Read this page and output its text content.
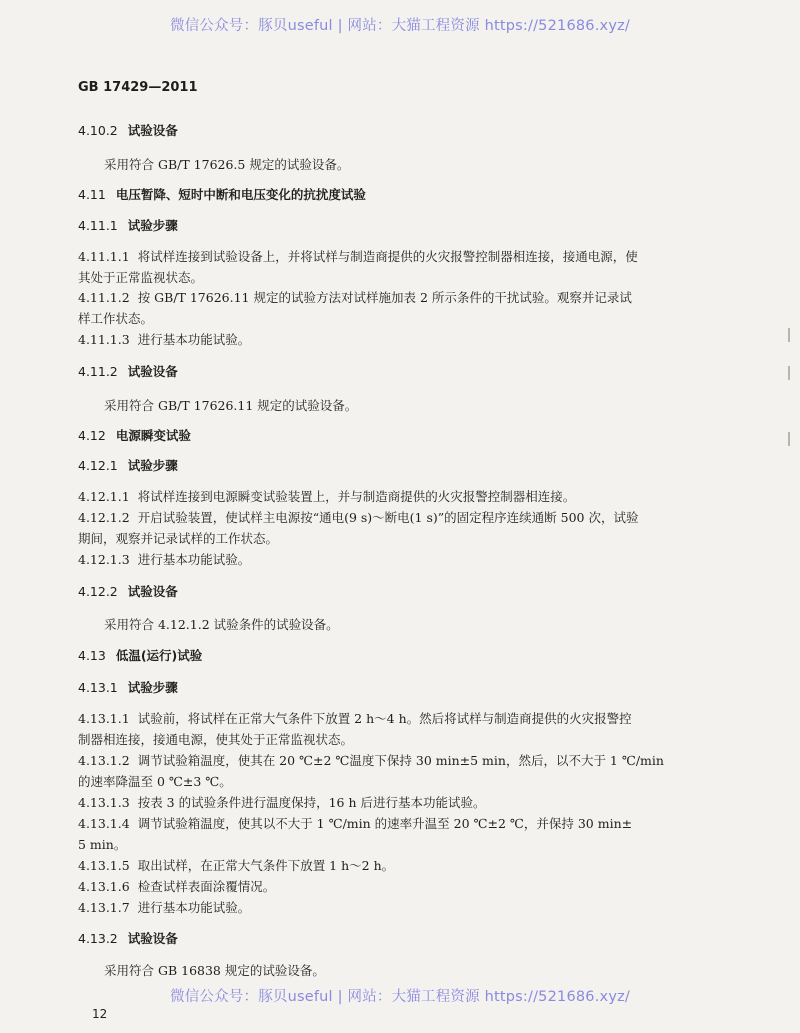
微信公众号：豚贝useful | 网站：大猫工程资源 https://521686.xyz/
GB 17429—2011
4.10.2 试验设备
采用符合 GB/T 17626.5 规定的试验设备。
4.11 电压暂降、短时中断和电压变化的抗扰度试验
4.11.1 试验步骤
4.11.1.1 将试样连接到试验设备上，并将试样与制造商提供的火灾报警控制器相连接，接通电源，使
其处于正常监视状态。
4.11.1.2 按 GB/T 17626.11 规定的试验方法对试样施加表 2 所示条件的干扰试验。观察并记录试
样工作状态。
4.11.1.3 进行基本功能试验。
4.11.2 试验设备
采用符合 GB/T 17626.11 规定的试验设备。
4.12 电源瞬变试验
4.12.1 试验步骤
4.12.1.1 将试样连接到电源瞬变试验装置上，并与制造商提供的火灾报警控制器相连接。
4.12.1.2 开启试验装置，使试样主电源按“通电(9 s)～断电(1 s)”的固定程序连续通断 500 次，试验
期间，观察并记录试样的工作状态。
4.12.1.3 进行基本功能试验。
4.12.2 试验设备
采用符合 4.12.1.2 试验条件的试验设备。
4.13 低温(运行)试验
4.13.1 试验步骤
4.13.1.1 试验前，将试样在正常大气条件下放置 2 h～4 h。然后将试样与制造商提供的火灾报警控
制器相连接，接通电源，使其处于正常监视状态。
4.13.1.2 调节试验箱温度，使其在 20 ℃±2 ℃温度下保持 30 min±5 min，然后，以不大于 1 ℃/min
的速率降温至 0 ℃±3 ℃。
4.13.1.3 按表 3 的试验条件进行温度保持，16 h 后进行基本功能试验。
4.13.1.4 调节试验箱温度，使其以不大于 1 ℃/min 的速率升温至 20 ℃±2 ℃，并保持 30 min±
5 min。
4.13.1.5 取出试样，在正常大气条件下放置 1 h～2 h。
4.13.1.6 检查试样表面涂覆情况。
4.13.1.7 进行基本功能试验。
4.13.2 试验设备
采用符合 GB 16838 规定的试验设备。
12
微信公众号：豚贝useful | 网站：大猫工程资源 https://521686.xyz/
